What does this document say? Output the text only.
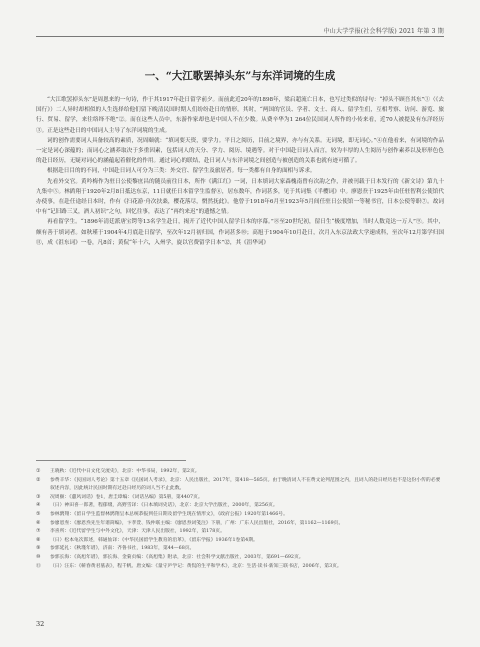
中山大学学报(社会科学版) 2021 年第 3 期
一、“大江歌罢掉头东”与东洋词境的生成

“大江歌罢掉头东”是周恩来的一句诗，作于其1917年赴日留学前夕。而前此近20年的1898年，梁启超流亡日本，也写过类似的诗句：“掉头不顾吾其东”①（《去国行》）二人异时却相似的人生选择给他们留下晚清民国时期人们纷纷赴日的情形。其时，“两国的官员、学者、文士、商人、留学生们，互相考察、访问、游览、旅行、贸易、留学，来往络绎不绝”②。而在这些人员中，东游作家却也是中国人不在少数。从费辛华为1 264位民国词人所作的小传来看，近70人被提及有东洋经历③。正是这些赴日的中国词人主导了东洋词境的生成。

词的创作需要词人具备较高的素质，况周颐就：“填词要天资，要学力。平日之阅历，目前之境界，亦与有关系。无词境，即无词心。”④在他看来，有词境的作品一定是词心深蕴的；而词心之涵养取决于多重因素，包括词人的天分、学力、阅历、境遇等。对于中国赴日词人而言，较为丰厚的人生阅历与创作素养以及形形色色的赴日经历，无疑对词心的涵蕴起着催化的作用。通过词心的联结，赴日词人与东洋词境之间创造与被创造的关系也就有迹可循了。

根据赴日目的的不同，中国赴日词人可分为三类：外交官、留学生及旅居者。每一类都有自身的面相与诉求。

先看外交官。黄吟梅作为驻日公使黎庶昌的随员前往日本，所作《满江红》一词，日本填词大家森槐南曾有次韵之作，并被刊载于日本发行的《新文诗》第九十九集中⑤。林鹍翔于1920年2月8日抵达东京，11日就任日本留学生监督⑥，居东数年，作词甚多，见于其词集《半樱词》中。廖恩焘于1925年由任驻智利公使馆代办使事，在赴任途经日本时，作有《扫花游·舟次扶桑，樱花落尽，惘然抚此》。他曾于1918年6月至1923年5月间任驻日公使馆一等秘书官，日本公使等职⑦。故词中有“记旧路三叉，酒人初识”之句，回忆往事，表达了“再约来迟”的遗憾之情。

再看留学生。“1896年清廷派唐宝锷等13名学生赴日，揭开了近代中国人留学日本的序幕。”⑧至20世纪初，留日生“极度增加，当时人数竟达一万人”⑨。其中，颇有善于填词者。如秋瑾于1904年4月底赴日留学，至次年12月初归国，作词甚多⑩；高旭于1904年10月赴日，次月入东京法政大学速成科，至次年12月第学归国⑪，成《沮东词》一卷，凡8首；黄侃“年十六，入州学，旋以官费留学日本”⑫，其《沮华词》

①	王晓秋：《近代中日文化交流史》，北京：中华书局，1992年，第2页。
②	参费辛华：《民国词人考论》第十五章《民国词人考录》，北京：人民出版社，2017年，第418—585页。由于晚清词人不在费文论列范围之内，且词人的赴日经历也不是这份小传的必要叙述内容，因此统计民国时期有过赴日经历的词人当不止此数。
③	况周颐：《蕙风词话》卷1，唐圭璋编：《词话丛编》第5册，第4407页。
④	（日）神田喜一郎著，程郁缀，高野雪译：《日本填词史话》，北京：北京大学出版社，2000年，第256页。
⑤	参林鹍翔：《留日学生监督林鹍翔呈本总统恭报到任日期及留学生现在情形文》，《政府公报》1920年第1466号。
⑥	参廖恩焘：《廖恩焘先生年谱简编》，卞孝萱、钱仲联主编：《廖恩焘词笺注》下册，广州：广东人民出版社，2016年，第1162—1169页。
⑦	李喜所：《近代留学生与中外文化》，天津：天津人民出版社，1992年，第178页。
⑧	（日）松本龟次郎述，韩通仙译：《中华民国留学生教育的沿革》，《留东学报》1936年1卷第4期。
⑨	参郭延礼：《秋瑾年谱》，济南：齐鲁书社，1983年，第44—68页。
⑩	参郭长海：《高旭年谱》，郭长海、金菊贞编：《高旭集》附录，北京：社会科学文献出版社，2003年，第691—692页。
⑪	（日）汪东：《蕲春黄君墓表》，程千帆、唐文编：《量守庐学记：黄侃的生平和学术》，北京：生活·读书·新知三联书店，2006年，第3页。
32
